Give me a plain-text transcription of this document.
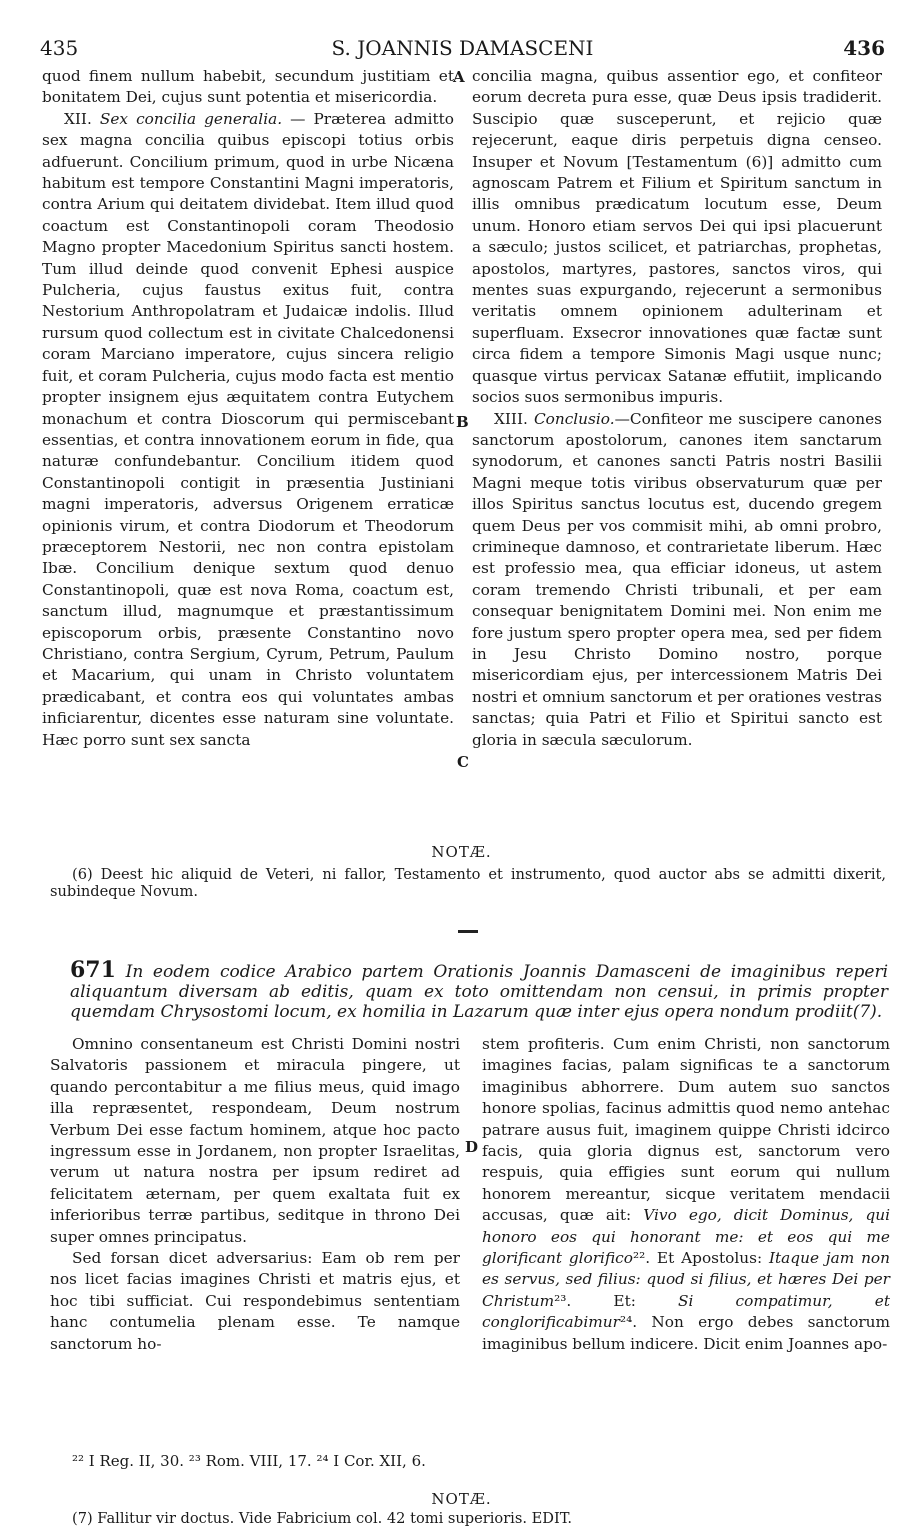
435	S. JOANNIS DAMASCENI	436

quod finem nullum habebit, secundum justitiam et bonitatem Dei, cujus sunt potentia et misericordia.

XII. Sex concilia generalia. — Præterea admitto sex magna concilia quibus episcopi totius orbis adfuerunt. Concilium primum, quod in urbe Nicæna habitum est tempore Constantini Magni imperatoris, contra Arium qui deitatem dividebat. Item illud quod coactum est Constantinopoli coram Theodosio Magno propter Macedonium Spiritus sancti hostem. Tum illud deinde quod convenit Ephesi auspice Pulcheria, cujus faustus exitus fuit, contra Nestorium Anthropolatram et Judaicæ indolis. Illud rursum quod collectum est in civitate Chalcedonensi coram Marciano imperatore, cujus sincera religio fuit, et coram Pulcheria, cujus modo facta est mentio propter insignem ejus æquitatem contra Eutychem monachum et contra Dioscorum qui permiscebant essentias, et contra innovationem eorum in fide, qua naturæ confundebantur. Concilium itidem quod Constantinopoli contigit in præsentia Justiniani magni imperatoris, adversus Origenem erraticæ opinionis virum, et contra Diodorum et Theodorum præceptorem Nestorii, nec non contra epistolam Ibæ. Concilium denique sextum quod denuo Constantinopoli, quæ est nova Roma, coactum est, sanctum illud, magnumque et præstantissimum episcoporum orbis, præsente Constantino novo Christiano, contra Sergium, Cyrum, Petrum, Paulum et Macarium, qui unam in Christo voluntatem prædicabant, et contra eos qui voluntates ambas inficiarentur, dicentes esse naturam sine voluntate. Hæc porro sunt sex sancta

concilia magna, quibus assentior ego, et confiteor eorum decreta pura esse, quæ Deus ipsis tradiderit. Suscipio quæ susceperunt, et rejicio quæ rejecerunt, eaque diris perpetuis digna censeo. Insuper et Novum [Testamentum (6)] admitto cum agnoscam Patrem et Filium et Spiritum sanctum in illis omnibus prædicatum locutum esse, Deum unum. Honoro etiam servos Dei qui ipsi placuerunt a sæculo; justos scilicet, et patriarchas, prophetas, apostolos, martyres, pastores, sanctos viros, qui mentes suas expurgando, rejecerunt a sermonibus veritatis omnem opinionem adulterinam et superfluam. Exsecror innovationes quæ factæ sunt circa fidem a tempore Simonis Magi usque nunc; quasque virtus pervicax Satanæ effutiit, implicando socios suos sermonibus impuris.

XIII. Conclusio.—Confiteor me suscipere canones sanctorum apostolorum, canones item sanctarum synodorum, et canones sancti Patris nostri Basilii Magni meque totis viribus observaturum quæ per illos Spiritus sanctus locutus est, ducendo gregem quem Deus per vos commisit mihi, ab omni probro, crimineque damnoso, et contrarietate liberum. Hæc est professio mea, qua efficiar idoneus, ut astem coram tremendo Christi tribunali, et per eam consequar benignitatem Domini mei. Non enim me fore justum spero propter opera mea, sed per fidem in Jesu Christo Domino nostro, porque misericordiam ejus, per intercessionem Matris Dei nostri et omnium sanctorum et per orationes vestras sanctas; quia Patri et Filio et Spiritui sancto est gloria in sæcula sæculorum.

A
B
C
D
NOTÆ.

(6) Deest hic aliquid de Veteri, ni fallor, Testamento et instrumento, quod auctor abs se admitti dixerit, subindeque Novum.

671 In eodem codice Arabico partem Orationis Joannis Damasceni de imaginibus reperi aliquantum diversam ab editis, quam ex toto omittendam non censui, in primis propter quemdam Chrysostomi locum, ex homilia in Lazarum quæ inter ejus opera nondum prodiit(7).

Omnino consentaneum est Christi Domini nostri Salvatoris passionem et miracula pingere, ut quando percontabitur a me filius meus, quid imago illa repræsentet, respondeam, Deum nostrum Verbum Dei esse factum hominem, atque hoc pacto ingressum esse in Jordanem, non propter Israelitas, verum ut natura nostra per ipsum rediret ad felicitatem æternam, per quem exaltata fuit ex inferioribus terræ partibus, seditque in throno Dei super omnes principatus.

Sed forsan dicet adversarius: Eam ob rem per nos licet facias imagines Christi et matris ejus, et hoc tibi sufficiat. Cui respondebimus sententiam hanc contumelia plenam esse. Te namque sanctorum ho-

stem profiteris. Cum enim Christi, non sanctorum imagines facias, palam significas te a sanctorum imaginibus abhorrere. Dum autem suo sanctos honore spolias, facinus admittis quod nemo antehac patrare ausus fuit, imaginem quippe Christi idcirco facis, quia gloria dignus est, sanctorum vero respuis, quia effigies sunt eorum qui nullum honorem mereantur, sicque veritatem mendacii accusas, quæ ait: Vivo ego, dicit Dominus, qui honoro eos qui honorant me: et eos qui me glorificant glorifico²². Et Apostolus: Itaque jam non es servus, sed filius: quod si filius, et hæres Dei per Christum²³. Et:	Si compatimur, et conglorificabimur²⁴. Non ergo debes sanctorum imaginibus bellum indicere. Dicit enim Joannes apo-

²² I Reg. II, 30. ²³ Rom. VIII, 17. ²⁴ I Cor. XII, 6.
NOTÆ.

(7) Fallitur vir doctus. Vide Fabricium col. 42 tomi superioris. EDIT.
